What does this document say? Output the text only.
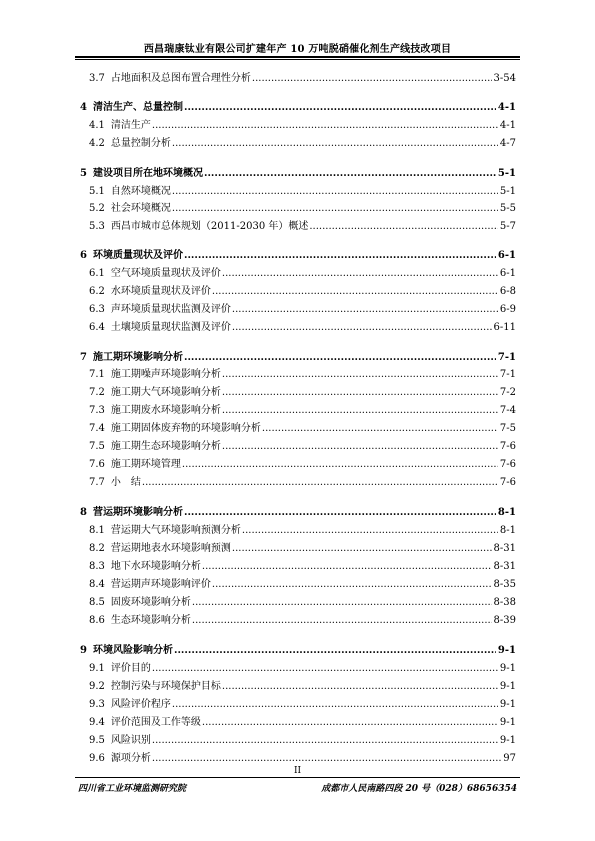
西昌瑞康钛业有限公司扩建年产 10 万吨脱硝催化剂生产线技改项目
3.7 占地面积及总图布置合理性分析 .....	3-54
4 清洁生产、总量控制 .....	4-1
4.1 清洁生产 .....	4-1
4.2 总量控制分析 .....	4-7
5 建设项目所在地环境概况 .....	5-1
5.1 自然环境概况 .....	5-1
5.2 社会环境概况 .....	5-5
5.3 西昌市城市总体规划（2011-2030 年）概述 .....	5-7
6 环境质量现状及评价 .....	6-1
6.1 空气环境质量现状及评价 .....	6-1
6.2 水环境质量现状及评价 .....	6-8
6.3 声环境质量现状监测及评价 .....	6-9
6.4 土壤境质量现状监测及评价 .....	6-11
7 施工期环境影响分析 .....	7-1
7.1 施工期噪声环境影响分析 .....	7-1
7.2 施工期大气环境影响分析 .....	7-2
7.3 施工期废水环境影响分析 .....	7-4
7.4 施工期固体废弃物的环境影响分析 .....	7-5
7.5 施工期生态环境影响分析 .....	7-6
7.6 施工期环境管理 .....	7-6
7.7 小　结 .....	7-6
8 营运期环境影响分析 .....	8-1
8.1 营运期大气环境影响预测分析 .....	8-1
8.2 营运期地表水环境影响预测 .....	8-31
8.3 地下水环境影响分析 .....	8-31
8.4 营运期声环境影响评价 .....	8-35
8.5 固废环境影响分析 .....	8-38
8.6 生态环境影响分析 .....	8-39
9 环境风险影响分析 .....	9-1
9.1 评价目的 .....	9-1
9.2 控制污染与环境保护目标 .....	9-1
9.3 风险评价程序 .....	9-1
9.4 评价范围及工作等级 .....	9-1
9.5 风险识别 .....	9-1
9.6 源项分析 .....	97
II
四川省工业环境监测研究院	成都市人民南路四段 20 号（028）68656354
